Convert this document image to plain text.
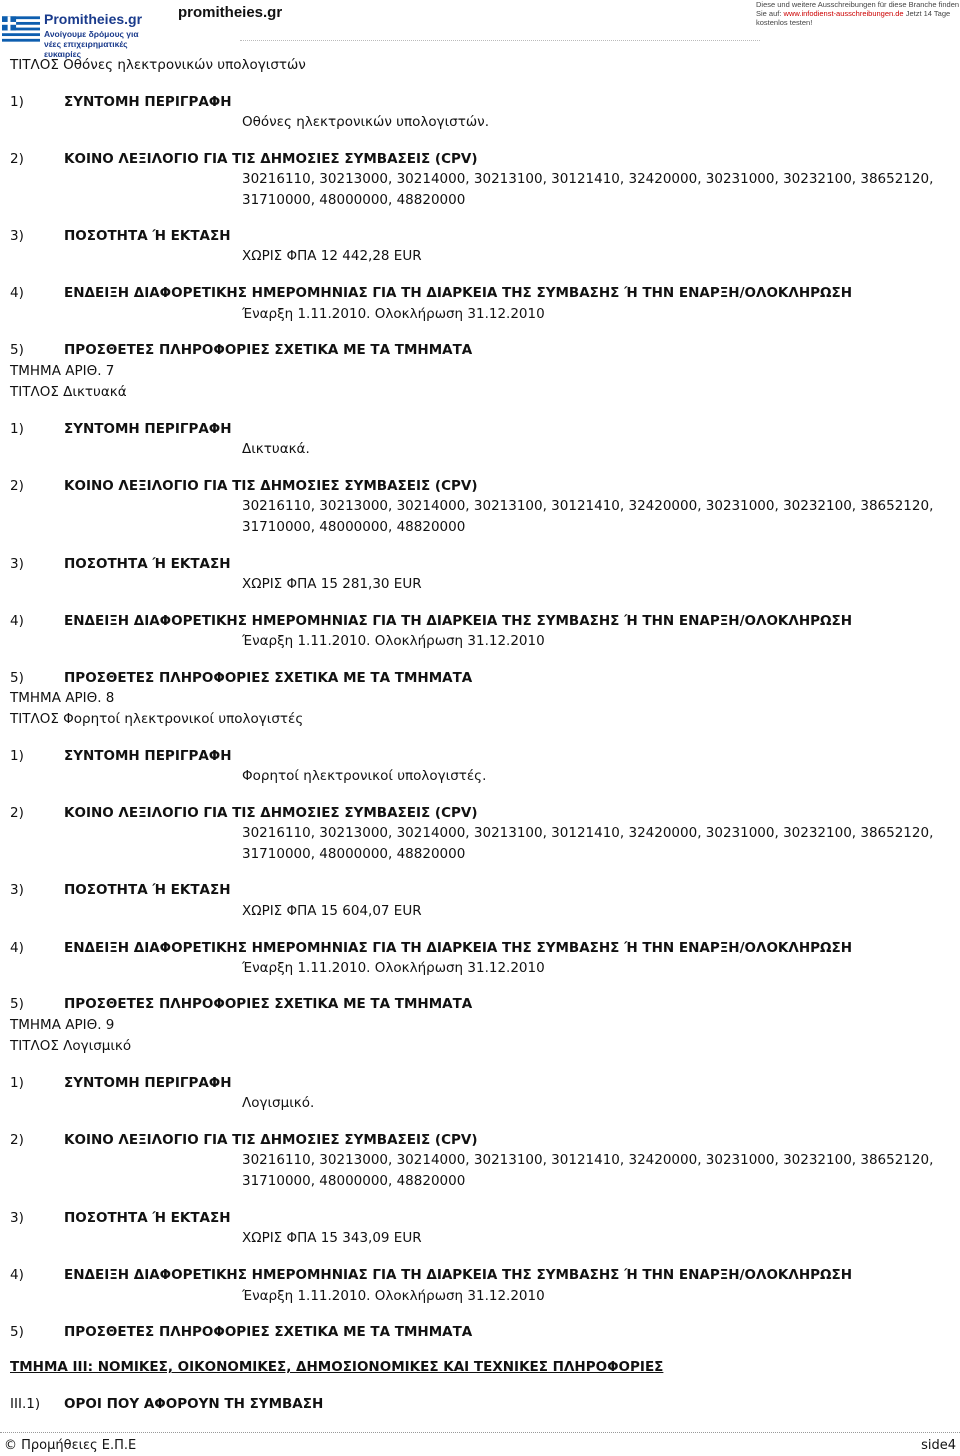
Promitheies.gr
Ανοίγουμε δρόμους για νέες επιχειρηματικές ευκαιρίες
promitheies.gr	Diese und weitere Ausschreibungen für diese Branche finden Sie auf: www.infodienst-ausschreibungen.de Jetzt 14 Tage kostenlos testen!
ΤΙΤΛΟΣ Οθόνες ηλεκτρονικών υπολογιστών
1)	ΣΥΝΤΟΜΗ ΠΕΡΙΓΡΑΦΗ
Οθόνες ηλεκτρονικών υπολογιστών.
2)	ΚΟΙΝΟ ΛΕΞΙΛΟΓΙΟ ΓΙΑ ΤΙΣ ΔΗΜΟΣΙΕΣ ΣΥΜΒΑΣΕΙΣ (CPV)
30216110, 30213000, 30214000, 30213100, 30121410, 32420000, 30231000, 30232100, 38652120,
31710000, 48000000, 48820000
3)	ΠΟΣΟΤΗΤΑ Ή ΕΚΤΑΣΗ
ΧΩΡΙΣ ΦΠΑ 12 442,28 EUR
4)	ΕΝΔΕΙΞΗ ΔΙΑΦΟΡΕΤΙΚΗΣ ΗΜΕΡΟΜΗΝΙΑΣ ΓΙΑ ΤΗ ΔΙΑΡΚΕΙΑ ΤΗΣ ΣΥΜΒΑΣΗΣ Ή ΤΗΝ ΕΝΑΡΞΗ/ΟΛΟΚΛΗΡΩΣΗ
Έναρξη 1.11.2010. Ολοκλήρωση 31.12.2010
5)	ΠΡΟΣΘΕΤΕΣ ΠΛΗΡΟΦΟΡΙΕΣ ΣΧΕΤΙΚΑ ΜΕ ΤΑ ΤΜΗΜΑΤΑ
ΤΜΗΜΑ ΑΡΙΘ. 7
ΤΙΤΛΟΣ Δικτυακά
1)	ΣΥΝΤΟΜΗ ΠΕΡΙΓΡΑΦΗ
Δικτυακά.
2)	ΚΟΙΝΟ ΛΕΞΙΛΟΓΙΟ ΓΙΑ ΤΙΣ ΔΗΜΟΣΙΕΣ ΣΥΜΒΑΣΕΙΣ (CPV)
30216110, 30213000, 30214000, 30213100, 30121410, 32420000, 30231000, 30232100, 38652120,
31710000, 48000000, 48820000
3)	ΠΟΣΟΤΗΤΑ Ή ΕΚΤΑΣΗ
ΧΩΡΙΣ ΦΠΑ 15 281,30 EUR
4)	ΕΝΔΕΙΞΗ ΔΙΑΦΟΡΕΤΙΚΗΣ ΗΜΕΡΟΜΗΝΙΑΣ ΓΙΑ ΤΗ ΔΙΑΡΚΕΙΑ ΤΗΣ ΣΥΜΒΑΣΗΣ Ή ΤΗΝ ΕΝΑΡΞΗ/ΟΛΟΚΛΗΡΩΣΗ
Έναρξη 1.11.2010. Ολοκλήρωση 31.12.2010
5)	ΠΡΟΣΘΕΤΕΣ ΠΛΗΡΟΦΟΡΙΕΣ ΣΧΕΤΙΚΑ ΜΕ ΤΑ ΤΜΗΜΑΤΑ
ΤΜΗΜΑ ΑΡΙΘ. 8
ΤΙΤΛΟΣ Φορητοί ηλεκτρονικοί υπολογιστές
1)	ΣΥΝΤΟΜΗ ΠΕΡΙΓΡΑΦΗ
Φορητοί ηλεκτρονικοί υπολογιστές.
2)	ΚΟΙΝΟ ΛΕΞΙΛΟΓΙΟ ΓΙΑ ΤΙΣ ΔΗΜΟΣΙΕΣ ΣΥΜΒΑΣΕΙΣ (CPV)
30216110, 30213000, 30214000, 30213100, 30121410, 32420000, 30231000, 30232100, 38652120,
31710000, 48000000, 48820000
3)	ΠΟΣΟΤΗΤΑ Ή ΕΚΤΑΣΗ
ΧΩΡΙΣ ΦΠΑ 15 604,07 EUR
4)	ΕΝΔΕΙΞΗ ΔΙΑΦΟΡΕΤΙΚΗΣ ΗΜΕΡΟΜΗΝΙΑΣ ΓΙΑ ΤΗ ΔΙΑΡΚΕΙΑ ΤΗΣ ΣΥΜΒΑΣΗΣ Ή ΤΗΝ ΕΝΑΡΞΗ/ΟΛΟΚΛΗΡΩΣΗ
Έναρξη 1.11.2010. Ολοκλήρωση 31.12.2010
5)	ΠΡΟΣΘΕΤΕΣ ΠΛΗΡΟΦΟΡΙΕΣ ΣΧΕΤΙΚΑ ΜΕ ΤΑ ΤΜΗΜΑΤΑ
ΤΜΗΜΑ ΑΡΙΘ. 9
ΤΙΤΛΟΣ Λογισμικό
1)	ΣΥΝΤΟΜΗ ΠΕΡΙΓΡΑΦΗ
Λογισμικό.
2)	ΚΟΙΝΟ ΛΕΞΙΛΟΓΙΟ ΓΙΑ ΤΙΣ ΔΗΜΟΣΙΕΣ ΣΥΜΒΑΣΕΙΣ (CPV)
30216110, 30213000, 30214000, 30213100, 30121410, 32420000, 30231000, 30232100, 38652120,
31710000, 48000000, 48820000
3)	ΠΟΣΟΤΗΤΑ Ή ΕΚΤΑΣΗ
ΧΩΡΙΣ ΦΠΑ 15 343,09 EUR
4)	ΕΝΔΕΙΞΗ ΔΙΑΦΟΡΕΤΙΚΗΣ ΗΜΕΡΟΜΗΝΙΑΣ ΓΙΑ ΤΗ ΔΙΑΡΚΕΙΑ ΤΗΣ ΣΥΜΒΑΣΗΣ Ή ΤΗΝ ΕΝΑΡΞΗ/ΟΛΟΚΛΗΡΩΣΗ
Έναρξη 1.11.2010. Ολοκλήρωση 31.12.2010
5)	ΠΡΟΣΘΕΤΕΣ ΠΛΗΡΟΦΟΡΙΕΣ ΣΧΕΤΙΚΑ ΜΕ ΤΑ ΤΜΗΜΑΤΑ
ΤΜΗΜΑ ΙΙΙ: ΝΟΜΙΚΕΣ, ΟΙΚΟΝΟΜΙΚΕΣ, ΔΗΜΟΣΙΟΝΟΜΙΚΕΣ ΚΑΙ ΤΕΧΝΙΚΕΣ ΠΛΗΡΟΦΟΡΙΕΣ
III.1) ΟΡΟΙ ΠΟΥ ΑΦΟΡΟΥΝ ΤΗ ΣΥΜΒΑΣΗ
© Προμήθειες Ε.Π.Ε	side4
